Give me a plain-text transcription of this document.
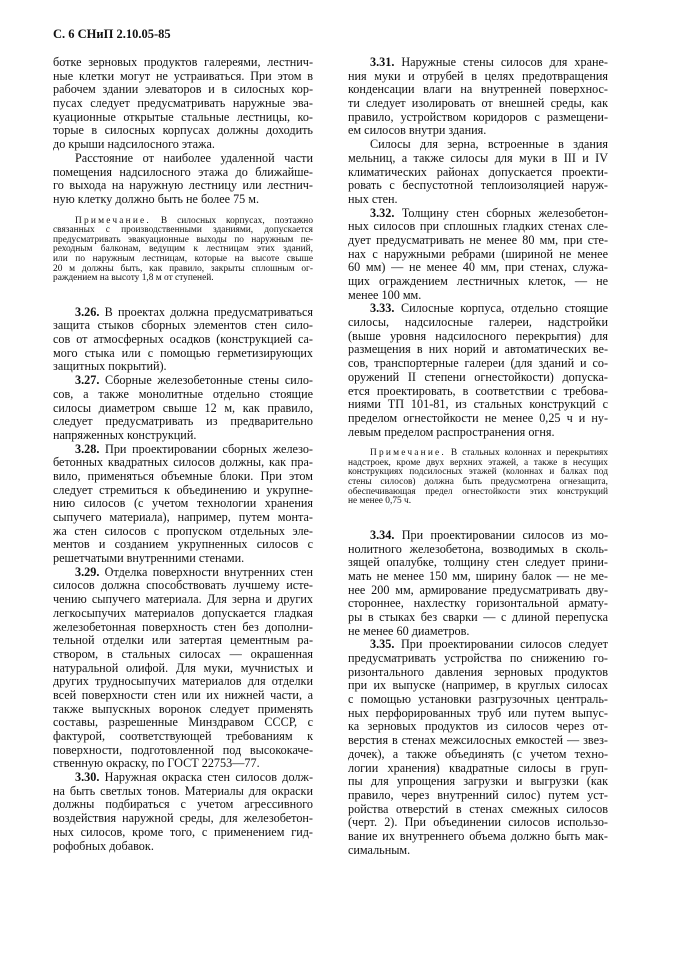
С. 6 СНиП 2.10.05-85
ботке зерновых продуктов галереями, лестнич-
ные клетки могут не устраиваться. При этом в
рабочем здании элеваторов и в силосных кор-
пусах следует предусматривать наружные эва-
куационные открытые стальные лестницы, ко-
торые в силосных корпусах должны доходить
до крыши надсилосного этажа.
Расстояние от наиболее удаленной части
помещения надсилосного этажа до ближайше-
го выхода на наружную лестницу или лестнич-
ную клетку должно быть не более 75 м.
Примечание. В силосных корпусах, поэтажно
связанных с производственными зданиями, допускается
предусматривать эвакуационные выходы по наружным пе-
реходным балконам, ведущим к лестницам этих зданий,
или по наружным лестницам, которые на высоте свыше
20 м должны быть, как правило, закрыты сплошным ог-
раждением на высоту 1,8 м от ступеней.
3.26. В проектах должна предусматриваться
защита стыков сборных элементов стен сило-
сов от атмосферных осадков (конструкцией са-
мого стыка или с помощью герметизирующих
защитных покрытий).
3.27. Сборные железобетонные стены сило-
сов, а также монолитные отдельно стоящие
силосы диаметром свыше 12 м, как правило,
следует предусматривать из предварительно
напряженных конструкций.
3.28. При проектировании сборных железо-
бетонных квадратных силосов должны, как пра-
вило, применяться объемные блоки. При этом
следует стремиться к объединению и укрупне-
нию силосов (с учетом технологии хранения
сыпучего материала), например, путем монта-
жа стен силосов с пропуском отдельных эле-
ментов и созданием укрупненных силосов с
решетчатыми внутренними стенами.
3.29. Отделка поверхности внутренних стен
силосов должна способствовать лучшему исте-
чению сыпучего материала. Для зерна и других
легкосыпучих материалов допускается гладкая
железобетонная поверхность стен без дополни-
тельной отделки или затертая цементным ра-
створом, в стальных силосах — окрашенная
натуральной олифой. Для муки, мучнистых и
других трудносыпучих материалов для отделки
всей поверхности стен или их нижней части, а
также выпускных воронок следует применять
составы, разрешенные Минздравом СССР, с
фактурой, соответствующей требованиям к
поверхности, подготовленной под высококаче-
ственную окраску, по ГОСТ 22753—77.
3.30. Наружная окраска стен силосов долж-
на быть светлых тонов. Материалы для окраски
должны подбираться с учетом агрессивного
воздействия наружной среды, для железобетон-
ных силосов, кроме того, с применением гид-
рофобных добавок.
3.31. Наружные стены силосов для хране-
ния муки и отрубей в целях предотвращения
конденсации влаги на внутренней поверхнос-
ти следует изолировать от внешней среды, как
правило, устройством коридоров с размещени-
ем силосов внутри здания.
Силосы для зерна, встроенные в здания
мельниц, а также силосы для муки в III и IV
климатических районах допускается проекти-
ровать с беспустотной теплоизоляцией наруж-
ных стен.
3.32. Толщину стен сборных железобетон-
ных силосов при сплошных гладких стенах сле-
дует предусматривать не менее 80 мм, при сте-
нах с наружными ребрами (шириной не менее
60 мм) — не менее 40 мм, при стенах, служа-
щих ограждением лестничных клеток, — не
менее 100 мм.
3.33. Силосные корпуса, отдельно стоящие
силосы, надсилосные галереи, надстройки
(выше уровня надсилосного перекрытия) для
размещения в них норий и автоматических ве-
сов, транспортерные галереи (для зданий и со-
оружений II степени огнестойкости) допуска-
ется проектировать, в соответствии с требова-
ниями ТП 101-81, из стальных конструкций с
пределом огнестойкости не менее 0,25 ч и ну-
левым пределом распространения огня.
Примечание. В стальных колоннах и перекрытиях
надстроек, кроме двух верхних этажей, а также в несущих
конструкциях подсилосных этажей (колоннах и балках под
стены силосов) должна быть предусмотрена огнезащита,
обеспечивающая предел огнестойкости этих конструкций
не менее 0,75 ч.
3.34. При проектировании силосов из мо-
нолитного железобетона, возводимых в сколь-
зящей опалубке, толщину стен следует прини-
мать не менее 150 мм, ширину балок — не ме-
нее 200 мм, армирование предусматривать дву-
стороннее, нахлестку горизонтальной армату-
ры в стыках без сварки — с длиной перепуска
не менее 60 диаметров.
3.35. При проектировании силосов следует
предусматривать устройства по снижению го-
ризонтального давления зерновых продуктов
при их выпуске (например, в круглых силосах
с помощью установки разгрузочных централь-
ных перфорированных труб или путем выпус-
ка зерновых продуктов из силосов через от-
верстия в стенах межсилосных емкостей — звез-
дочек), а также объединять (с учетом техно-
логии хранения) квадратные силосы в груп-
пы для упрощения загрузки и выгрузки (как
правило, через внутренний силос) путем уст-
ройства отверстий в стенах смежных силосов
(черт. 2). При объединении силосов использо-
вание их внутреннего объема должно быть мак-
симальным.
